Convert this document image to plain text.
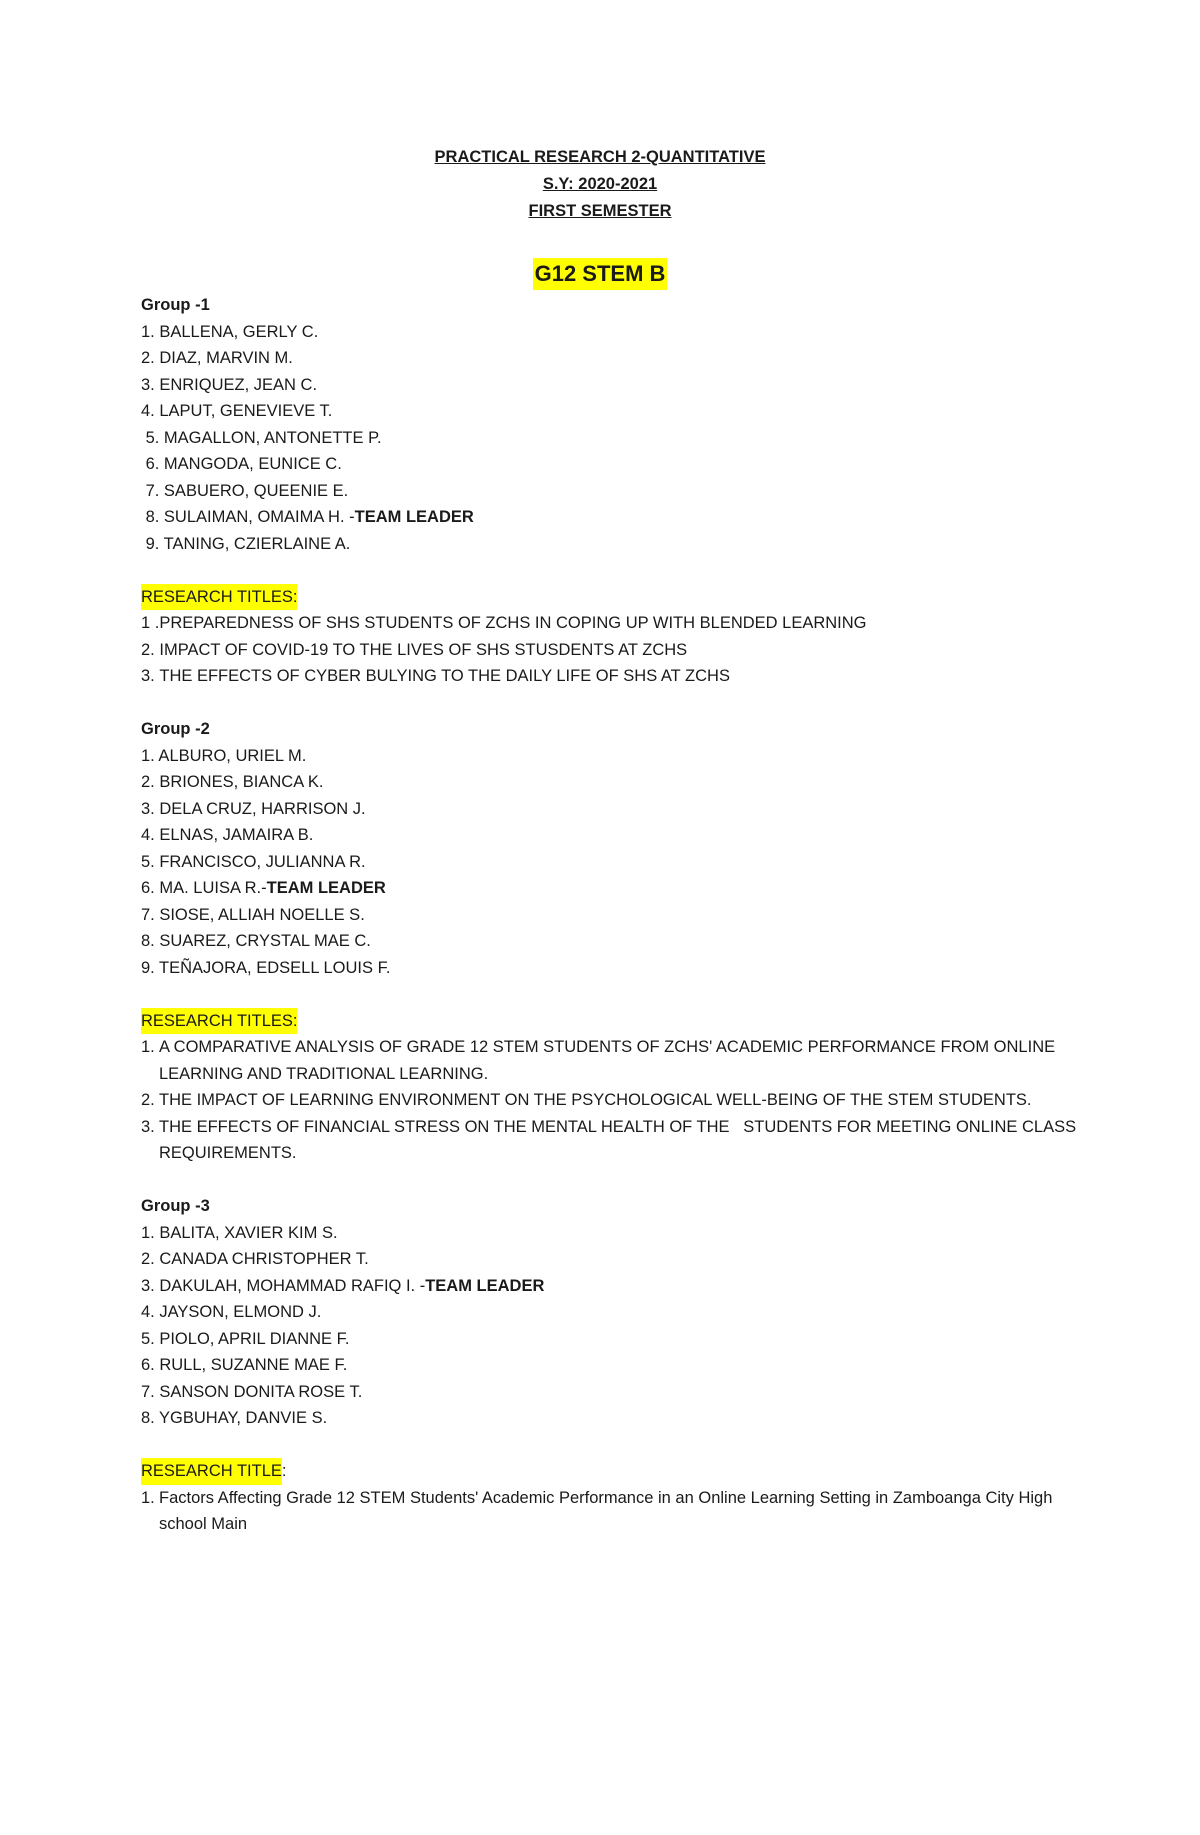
PRACTICAL RESEARCH 2-QUANTITATIVE
S.Y: 2020-2021
FIRST SEMESTER
G12 STEM B
Group -1
1. BALLENA, GERLY C.
2. DIAZ, MARVIN M.
3. ENRIQUEZ, JEAN C.
4. LAPUT, GENEVIEVE T.
5. MAGALLON, ANTONETTE P.
6. MANGODA, EUNICE C.
7. SABUERO, QUEENIE E.
8. SULAIMAN, OMAIMA H. -TEAM LEADER
9. TANING, CZIERLAINE A.
RESEARCH TITLES:
1 . PREPAREDNESS OF SHS STUDENTS OF ZCHS IN COPING UP WITH BLENDED LEARNING
2. IMPACT OF COVID-19 TO THE LIVES OF SHS STUSDENTS AT ZCHS
3. THE EFFECTS OF CYBER BULYING TO THE DAILY LIFE OF SHS AT ZCHS
Group -2
1. ALBURO, URIEL M.
2. BRIONES, BIANCA K.
3. DELA CRUZ, HARRISON J.
4. ELNAS, JAMAIRA B.
5. FRANCISCO, JULIANNA R.
6. MA. LUISA R.-TEAM LEADER
7. SIOSE, ALLIAH NOELLE S.
8. SUAREZ, CRYSTAL MAE C.
9. TEÑAJORA, EDSELL LOUIS F.
RESEARCH TITLES:
1. A COMPARATIVE ANALYSIS OF GRADE 12 STEM STUDENTS OF ZCHS' ACADEMIC PERFORMANCE FROM ONLINE LEARNING AND TRADITIONAL LEARNING.
2. THE IMPACT OF LEARNING ENVIRONMENT ON THE PSYCHOLOGICAL WELL-BEING OF THE STEM STUDENTS.
3. THE EFFECTS OF FINANCIAL STRESS ON THE MENTAL HEALTH OF THE   STUDENTS FOR MEETING ONLINE CLASS REQUIREMENTS.
Group -3
1. BALITA, XAVIER KIM S.
2. CANADA CHRISTOPHER T.
3. DAKULAH, MOHAMMAD RAFIQ I. -TEAM LEADER
4. JAYSON, ELMOND J.
5. PIOLO, APRIL DIANNE F.
6. RULL, SUZANNE MAE F.
7. SANSON DONITA ROSE T.
8. YGBUHAY, DANVIE S.
RESEARCH TITLE:
1. Factors Affecting Grade 12 STEM Students' Academic Performance in an Online Learning Setting in Zamboanga City High school Main
